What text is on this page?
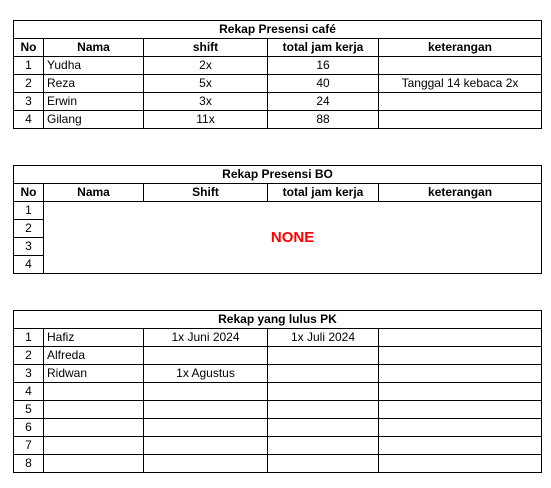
Rekap Presensi café				
No	Nama	shift	total jam kerja	keterangan
1	Yudha	2x	16	
2	Reza	5x	40	Tanggal 14 kebaca 2x
3	Erwin	3x	24	
4	Gilang	11x	88	
Rekap Presensi BO				
No	Nama	Shift	total jam kerja	keterangan
1	NONE			
2				
3				
4				
Rekap yang lulus PK				
1	Hafiz	1x Juni 2024	1x Juli 2024	
2	Alfreda			
3	Ridwan	1x Agustus		
4				
5				
6				
7				
8				
